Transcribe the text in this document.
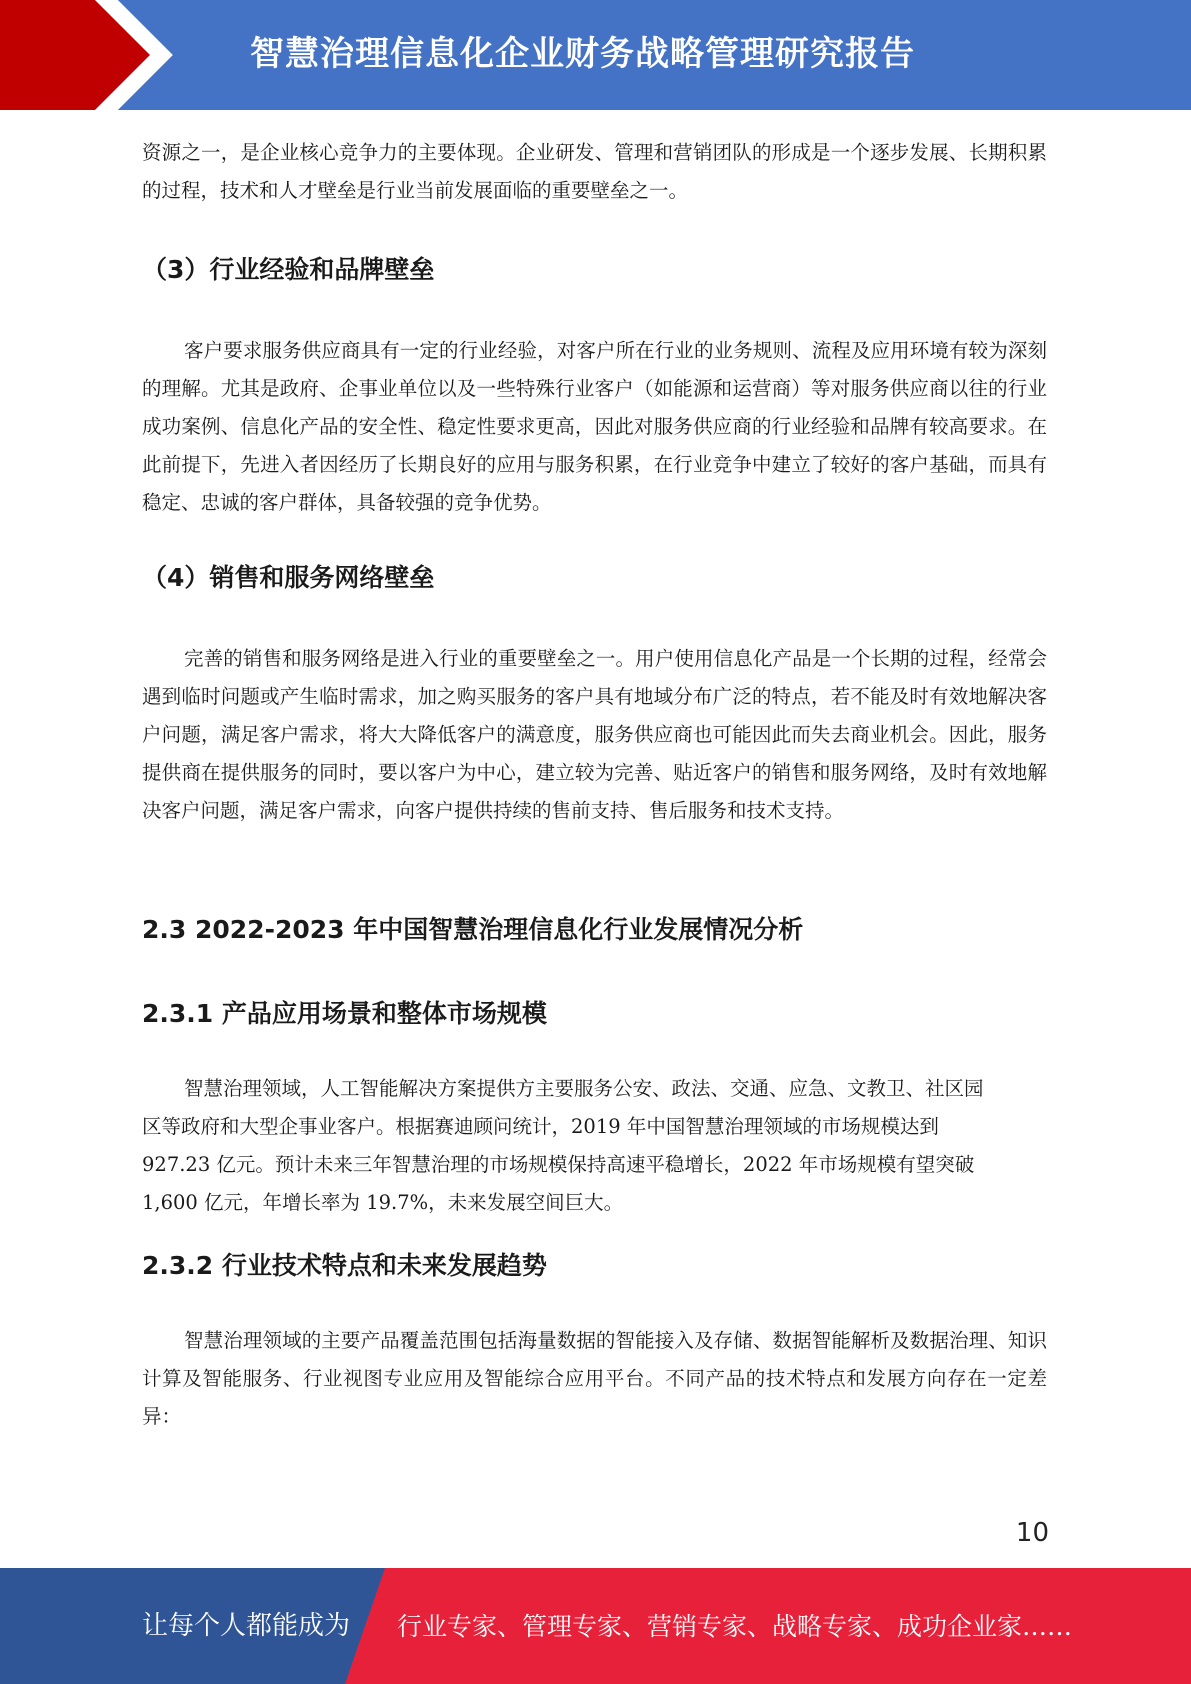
智慧治理信息化企业财务战略管理研究报告

资源之一，是企业核心竞争力的主要体现。企业研发、管理和营销团队的形成是一个逐步发展、长期积累的过程，技术和人才壁垒是行业当前发展面临的重要壁垒之一。

（3）行业经验和品牌壁垒

客户要求服务供应商具有一定的行业经验，对客户所在行业的业务规则、流程及应用环境有较为深刻的理解。尤其是政府、企事业单位以及一些特殊行业客户（如能源和运营商）等对服务供应商以往的行业成功案例、信息化产品的安全性、稳定性要求更高，因此对服务供应商的行业经验和品牌有较高要求。在此前提下，先进入者因经历了长期良好的应用与服务积累，在行业竞争中建立了较好的客户基础，而具有稳定、忠诚的客户群体，具备较强的竞争优势。

（4）销售和服务网络壁垒

完善的销售和服务网络是进入行业的重要壁垒之一。用户使用信息化产品是一个长期的过程，经常会遇到临时问题或产生临时需求，加之购买服务的客户具有地域分布广泛的特点，若不能及时有效地解决客户问题，满足客户需求，将大大降低客户的满意度，服务供应商也可能因此而失去商业机会。因此，服务提供商在提供服务的同时，要以客户为中心，建立较为完善、贴近客户的销售和服务网络，及时有效地解决客户问题，满足客户需求，向客户提供持续的售前支持、售后服务和技术支持。

2.3 2022-2023 年中国智慧治理信息化行业发展情况分析
2.3.1 产品应用场景和整体市场规模

智慧治理领域，人工智能解决方案提供方主要服务公安、政法、交通、应急、文教卫、社区园

区等政府和大型企事业客户。根据赛迪顾问统计，2019 年中国智慧治理领域的市场规模达到

927.23 亿元。预计未来三年智慧治理的市场规模保持高速平稳增长，2022 年市场规模有望突破

1,600 亿元，年增长率为 19.7%，未来发展空间巨大。

2.3.2 行业技术特点和未来发展趋势

智慧治理领域的主要产品覆盖范围包括海量数据的智能接入及存储、数据智能解析及数据治理、知识计算及智能服务、行业视图专业应用及智能综合应用平台。不同产品的技术特点和发展方向存在一定差异：

10
让每个人都能成为 行业专家、管理专家、营销专家、战略专家、成功企业家……
